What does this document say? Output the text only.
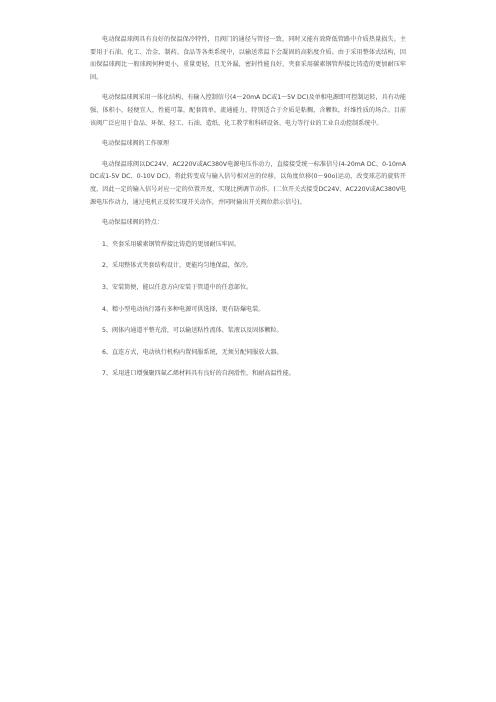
电动保温球阀具有良好的保温保冷特性，且阀门的通径与管径一致，同时又能有效降低管路中介质热量损失。主要用于石油、化工、冶金、制药、食品等各类系统中，以输送常温下会凝固的高粘度介质。由于采用整体式结构，因而保温球阀比一般球阀何种更小，重量更轻，且无外漏，密封性能良好，夹套采用碳素钢管焊接比铸造的更加耐压牢固。

电动保温球阀采用一体化结构，有输入控制信号(4～20mA DC或1～5V DC)及单相电源即可控制运转，具有功能强，体积小，轻便宜人，性能可靠，配套简单，流通能力，特别适合于介质是粘稠，含颗粒，纤维性质的场合。目前该阀广泛应用于食品、环保、轻工、石油、造纸、化工教学和科研设备、电力等行业的工业自动控制系统中。

电动保温球阀的工作原理

电动保温球阀以DC24V、AC220V或AC380V电源电压作动力，直接接受统一标准信号(4-20mA DC、0-10mA DC或1-5V DC、0-10V DC)，将此转变成与输入信号相对应的位移，以角度位移(0～90o)运动，改变球芯的旋转开度，因此一定的输入信号对应一定的位置开度，实现比例调节动作。(二位开关式接受DC24V、AC220V或AC380V电源电压作动力，通过电机正反转实现开关动作，并同时输出开关阀位指示信号)。

电动保温球阀的特点：

1、夹套采用碳素钢管焊接比铸造的更加耐压牢固。

2、采用整体式夹套结构设计，更能均匀地保温，保冷。

3、安装简便，能以任意方向安装于管道中的任意部位。

4、精小型电动执行器有多种电源可供选择，更有防爆电装。

5、阀体内通道平整光滑，可以输送粘性流体、浆液以及固体颗粒。

6、直连方式，电动执行机构内置伺服系统，无须另配伺服放大器。

7、采用进口增强聚四氟乙烯材料具有良好的自润滑性，和耐高温性能。
